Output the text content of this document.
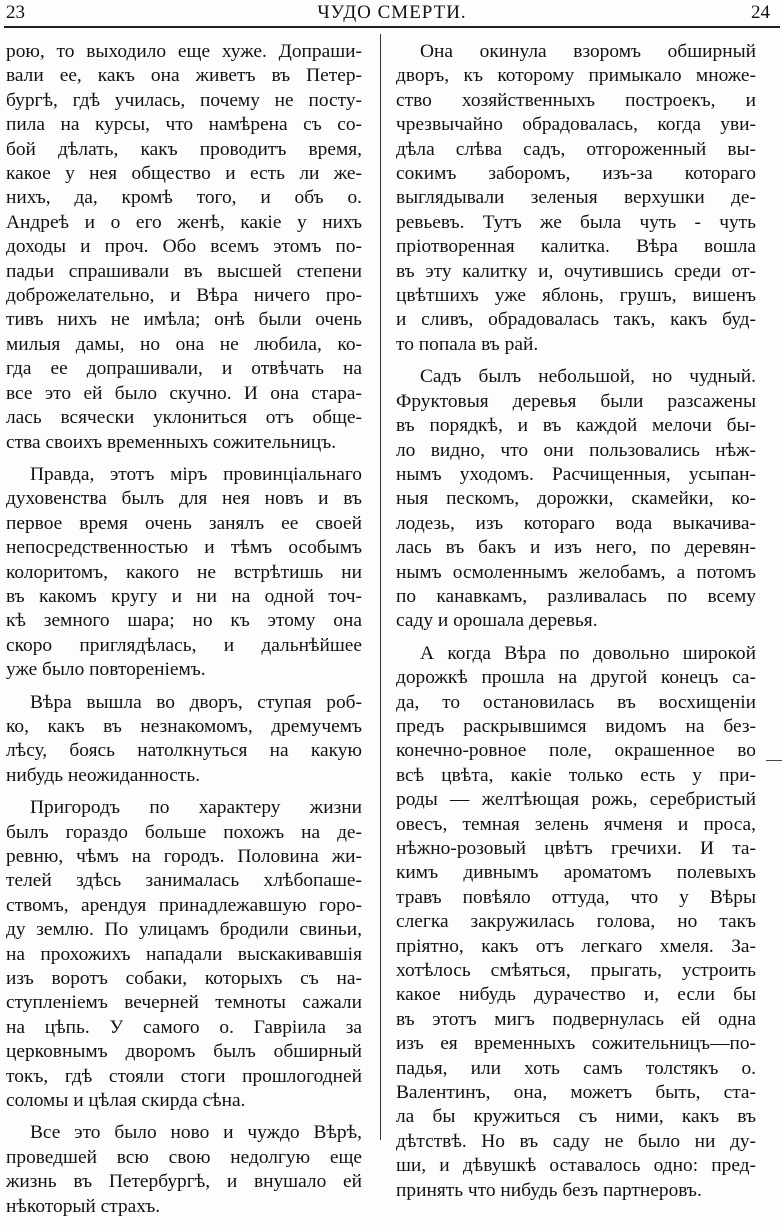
23	ЧУДО СМЕРТИ.	24
рою, то выходило еще хуже. Допраши-
вали ее, какъ она живетъ въ Петер-
бургѣ, гдѣ училась, почему не посту-
пила на курсы, что намѣрена съ со-
бой дѣлать, какъ проводитъ время,
какое у нея общество и есть ли же-
нихъ, да, кромѣ того, и объ о.
Андреѣ и о его женѣ, какіе у нихъ
доходы и проч. Обо всемъ этомъ по-
падьи спрашивали въ высшей степени
доброжелательно, и Вѣра ничего про-
тивъ нихъ не имѣла; онѣ были очень
милыя дамы, но она не любила, ко-
гда ее допрашивали, и отвѣчать на
все это ей было скучно. И она стара-
лась всячески уклониться отъ обще-
ства своихъ временныхъ сожительницъ.
Правда, этотъ міръ провинціальнаго
духовенства былъ для нея новъ и въ
первое время очень занялъ ее своей
непосредственностью и тѣмъ особымъ
колоритомъ, какого не встрѣтишь ни
въ какомъ кругу и ни на одной точ-
кѣ земного шара; но къ этому она
скоро приглядѣлась, и дальнѣйшее
уже было повтореніемъ.
Вѣра вышла во дворъ, ступая роб-
ко, какъ въ незнакомомъ, дремучемъ
лѣсу, боясь натолкнуться на какую
нибудь неожиданность.
Пригородъ по характеру жизни
былъ гораздо больше похожъ на де-
ревню, чѣмъ на городъ. Половина жи-
телей здѣсь занималась хлѣбопаше-
ствомъ, арендуя принадлежавшую горо-
ду землю. По улицамъ бродили свиньи,
на прохожихъ нападали выскакивавшія
изъ воротъ собаки, которыхъ съ на-
ступленіемъ вечерней темноты сажали
на цѣпь. У самого о. Гавріила за
церковнымъ дворомъ былъ обширный
токъ, гдѣ стояли стоги прошлогодней
соломы и цѣлая скирда сѣна.
Все это было ново и чуждо Вѣрѣ,
проведшей всю свою недолгую еще
жизнь въ Петербургѣ, и внушало ей
нѣкоторый страхъ.
Она окинула взоромъ обширный
дворъ, къ которому примыкало множе-
ство хозяйственныхъ построекъ, и
чрезвычайно обрадовалась, когда уви-
дѣла слѣва садъ, отгороженный вы-
сокимъ заборомъ, изъ-за котораго
выглядывали зеленыя верхушки де-
ревьевъ. Тутъ же была чуть - чуть
пріотворенная калитка. Вѣра вошла
въ эту калитку и, очутившись среди от-
цвѣтшихъ уже яблонь, грушъ, вишенъ
и сливъ, обрадовалась такъ, какъ буд-
то попала въ рай.
Садъ былъ небольшой, но чудный.
Фруктовыя деревья были разсажены
въ порядкѣ, и въ каждой мелочи бы-
ло видно, что они пользовались нѣж-
нымъ уходомъ. Расчищенныя, усыпан-
ныя пескомъ, дорожки, скамейки, ко-
лодезь, изъ котораго вода выкачива-
лась въ бакъ и изъ него, по деревян-
нымъ осмоленнымъ желобамъ, а потомъ
по канавкамъ, разливалась по всему
саду и орошала деревья.
А когда Вѣра по довольно широкой
дорожкѣ прошла на другой конецъ са-
да, то остановилась въ восхищеніи
предъ раскрывшимся видомъ на без-
конечно-ровное поле, окрашенное во
всѣ цвѣта, какіе только есть у при-
роды — желтѣющая рожь, серебристый
овесъ, темная зелень ячменя и проса,
нѣжно-розовый цвѣтъ гречихи. И та-
кимъ дивнымъ ароматомъ полевыхъ
травъ повѣяло оттуда, что у Вѣры
слегка закружилась голова, но такъ
пріятно, какъ отъ легкаго хмеля. За-
хотѣлось смѣяться, прыгать, устроить
какое нибудь дурачество и, если бы
въ этотъ мигъ подвернулась ей одна
изъ ея временныхъ сожительницъ—по-
падья, или хоть самъ толстякъ о.
Валентинъ, она, можетъ быть, ста-
ла бы кружиться съ ними, какъ въ
дѣтствѣ. Но въ саду не было ни ду-
ши, и дѣвушкѣ оставалось одно: пред-
принять что нибудь безъ партнеровъ.
